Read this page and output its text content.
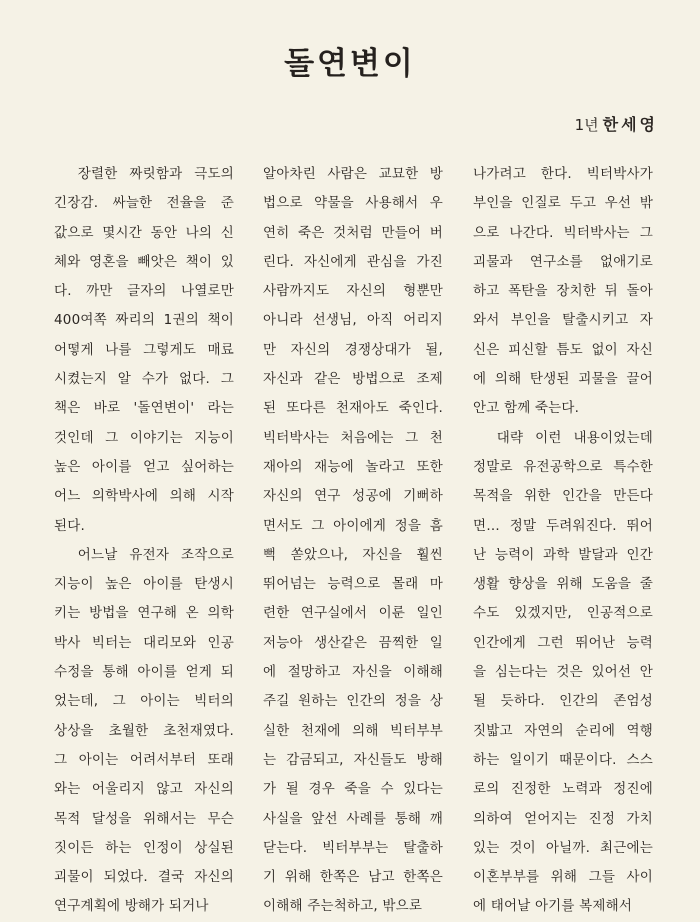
돌연변이
1년 한세영
장렬한 짜릿함과 극도의
긴장감. 싸늘한 전율을 준
값으로 몇시간 동안 나의 신
체와 영혼을 빼앗은 책이 있
다. 까만 글자의 나열로만
400여쪽 짜리의 1권의 책이
어떻게 나를 그렇게도 매료
시켰는지 알 수가 없다. 그
책은 바로 '돌연변이' 라는
것인데 그 이야기는 지능이
높은 아이를 얻고 싶어하는
어느 의학박사에 의해 시작
된다.
어느날 유전자 조작으로
지능이 높은 아이를 탄생시
키는 방법을 연구해 온 의학
박사 빅터는 대리모와 인공
수정을 통해 아이를 얻게 되
었는데, 그 아이는 빅터의
상상을 초월한 초천재였다.
그 아이는 어려서부터 또래
와는 어울리지 않고 자신의
목적 달성을 위해서는 무슨
짓이든 하는 인정이 상실된
괴물이 되었다. 결국 자신의
연구계획에 방해가 되거나
알아차린 사람은 교묘한 방
법으로 약물을 사용해서 우
연히 죽은 것처럼 만들어 버
린다. 자신에게 관심을 가진
사람까지도 자신의 형뿐만
아니라 선생님, 아직 어리지
만 자신의 경쟁상대가 될,
자신과 같은 방법으로 조제
된 또다른 천재아도 죽인다.
빅터박사는 처음에는 그 천
재아의 재능에 놀라고 또한
자신의 연구 성공에 기뻐하
면서도 그 아이에게 정을 흠
뻑 쏟았으나, 자신을 훨씬
뛰어넘는 능력으로 몰래 마
련한 연구실에서 이룬 일인
저능아 생산같은 끔찍한 일
에 절망하고 자신을 이해해
주길 원하는 인간의 정을 상
실한 천재에 의해 빅터부부
는 감금되고, 자신들도 방해
가 될 경우 죽을 수 있다는
사실을 앞선 사례를 통해 깨
닫는다. 빅터부부는 탈출하
기 위해 한쪽은 남고 한쪽은
이해해 주는척하고, 밖으로
나가려고 한다. 빅터박사가
부인을 인질로 두고 우선 밖
으로 나간다. 빅터박사는 그
괴물과 연구소를 없애기로
하고 폭탄을 장치한 뒤 돌아
와서 부인을 탈출시키고 자
신은 피신할 틈도 없이 자신
에 의해 탄생된 괴물을 끌어
안고 함께 죽는다.
대략 이런 내용이었는데
정말로 유전공학으로 특수한
목적을 위한 인간을 만든다
면… 정말 두려워진다. 뛰어
난 능력이 과학 발달과 인간
생활 향상을 위해 도움을 줄
수도 있겠지만, 인공적으로
인간에게 그런 뛰어난 능력
을 심는다는 것은 있어선 안
될 듯하다. 인간의 존엄성
짓밟고 자연의 순리에 역행
하는 일이기 때문이다. 스스
로의 진정한 노력과 정진에
의하여 얻어지는 진정 가치
있는 것이 아닐까. 최근에는
이혼부부를 위해 그들 사이
에 태어날 아기를 복제해서
